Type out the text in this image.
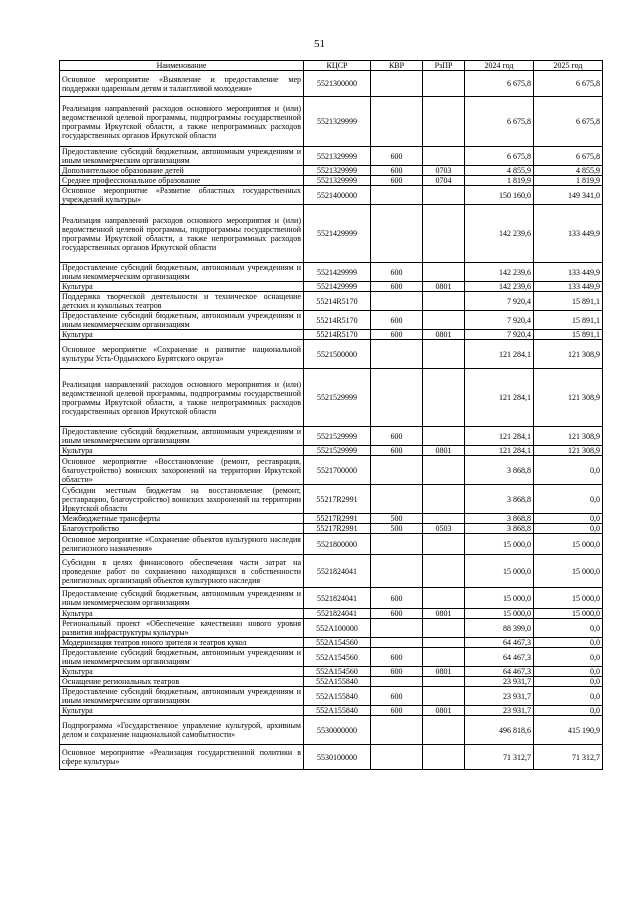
51
Наименование	КЦСР	КВР	РзПР	2024 год	2025 год
Основное мероприятие «Выявление и предоставление мер поддержки одаренным детям и талантливой молодежи»	5521300000			6 675,8	6 675,8
Реализация направлений расходов основного мероприятия и (или) ведомственной целевой программы, подпрограммы государственной программы Иркутской области, а также непрограммных расходов государственных органов Иркутской области	5521329999			6 675,8	6 675,8
Предоставление субсидий бюджетным, автономным учреждениям и иным некоммерческим организациям	5521329999	600		6 675,8	6 675,8
Дополнительное образование детей	5521329999	600	0703	4 855,9	4 855,9
Среднее профессиональное образование	5521329999	600	0704	1 819,9	1 819,9
Основное мероприятие «Развитие областных государственных учреждений культуры»	5521400000			150 160,0	149 341,0
Реализация направлений расходов основного мероприятия и (или) ведомственной целевой программы, подпрограммы государственной программы Иркутской области, а также непрограммных расходов государственных органов Иркутской области	5521429999			142 239,6	133 449,9
Предоставление субсидий бюджетным, автономным учреждениям и иным некоммерческим организациям	5521429999	600		142 239,6	133 449,9
Культура	5521429999	600	0801	142 239,6	133 449,9
Поддержка творческой деятельности и техническое оснащение детских и кукольных театров	55214R5170			7 920,4	15 891,1
Предоставление субсидий бюджетным, автономным учреждениям и иным некоммерческим организациям	55214R5170	600		7 920,4	15 891,1
Культура	55214R5170	600	0801	7 920,4	15 891,1
Основное мероприятие «Сохранение и развитие национальной культуры Усть-Ордынского Бурятского округа»	5521500000			121 284,1	121 308,9
Реализация направлений расходов основного мероприятия и (или) ведомственной целевой программы, подпрограммы государственной программы Иркутской области, а также непрограммных расходов государственных органов Иркутской области	5521529999			121 284,1	121 308,9
Предоставление субсидий бюджетным, автономным учреждениям и иным некоммерческим организациям	5521529999	600		121 284,1	121 308,9
Культура	5521529999	600	0801	121 284,1	121 308,9
Основное мероприятие «Восстановление (ремонт, реставрация, благоустройство) воинских захоронений на территории Иркутской области»	5521700000			3 868,8	0,0
Субсидии местным бюджетам на восстановление (ремонт, реставрацию, благоустройство) воинских захоронений на территории Иркутской области	55217R2991			3 868,8	0,0
Межбюджетные трансферты	55217R2991	500		3 868,8	0,0
Благоустройство	55217R2991	500	0503	3 868,8	0,0
Основное мероприятие «Сохранение объектов культурного наследия религиозного назначения»	5521800000			15 000,0	15 000,0
Субсидии в целях финансового обеспечения части затрат на проведение работ по сохранению находящихся в собственности религиозных организаций объектов культурного наследия	5521824041			15 000,0	15 000,0
Предоставление субсидий бюджетным, автономным учреждениям и иным некоммерческим организациям	5521824041	600		15 000,0	15 000,0
Культура	5521824041	600	0801	15 000,0	15 000,0
Региональный проект «Обеспечение качественно нового уровня развития инфраструктуры культуры»	552A100000			88 399,0	0,0
Модернизация театров юного зрителя и театров кукол	552A154560			64 467,3	0,0
Предоставление субсидий бюджетным, автономным учреждениям и иным некоммерческим организациям	552A154560	600		64 467,3	0,0
Культура	552A154560	600	0801	64 467,3	0,0
Оснащение региональных театров	552A155840			23 931,7	0,0
Предоставление субсидий бюджетным, автономным учреждениям и иным некоммерческим организациям	552A155840	600		23 931,7	0,0
Культура	552A155840	600	0801	23 931,7	0,0
Подпрограмма «Государственное управление культурой, архивным делом и сохранение национальной самобытности»	5530000000			496 818,6	415 190,9
Основное мероприятие «Реализация государственной политики в сфере культуры»	5530100000			71 312,7	71 312,7
